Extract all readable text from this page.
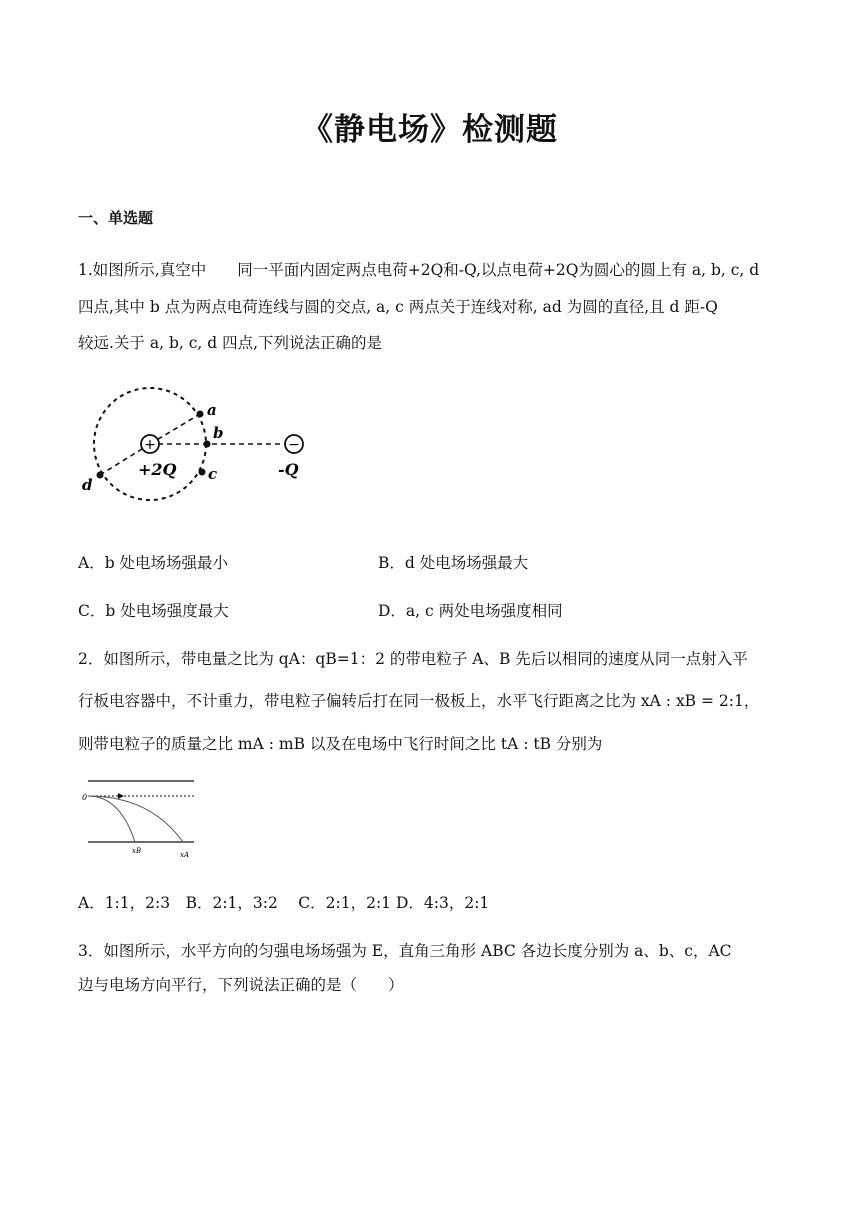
《静电场》检测题
一、单选题
1.如图所示,真空中　　同一平面内固定两点电荷+2Q和-Q,以点电荷+2Q为圆心的圆上有 a, b, c, d
四点,其中 b 点为两点电荷连线与圆的交点, a, c 两点关于连线对称, ad 为圆的直径,且 d 距-Q
较远.关于 a, b, c, d 四点,下列说法正确的是
+	−
a
b
c
d
+2Q	-Q
A．b 处电场场强最小	B．d 处电场场强最大
C．b 处电场强度最大	D．a, c 两处电场强度相同
2．如图所示，带电量之比为 qA：qB=1：2 的带电粒子 A、B 先后以相同的速度从同一点射入平
行板电容器中，不计重力，带电粒子偏转后打在同一极板上，水平飞行距离之比为 xA : xB = 2:1，
则带电粒子的质量之比 mA : mB 以及在电场中飞行时间之比 tA : tB 分别为
0
xB	xA
A．1:1，2:3　B．2:1，3:2　 C．2:1，2:1 D．4:3，2:1
3．如图所示，水平方向的匀强电场场强为 E，直角三角形 ABC 各边长度分别为 a、b、c，AC
边与电场方向平行，下列说法正确的是（　　）
